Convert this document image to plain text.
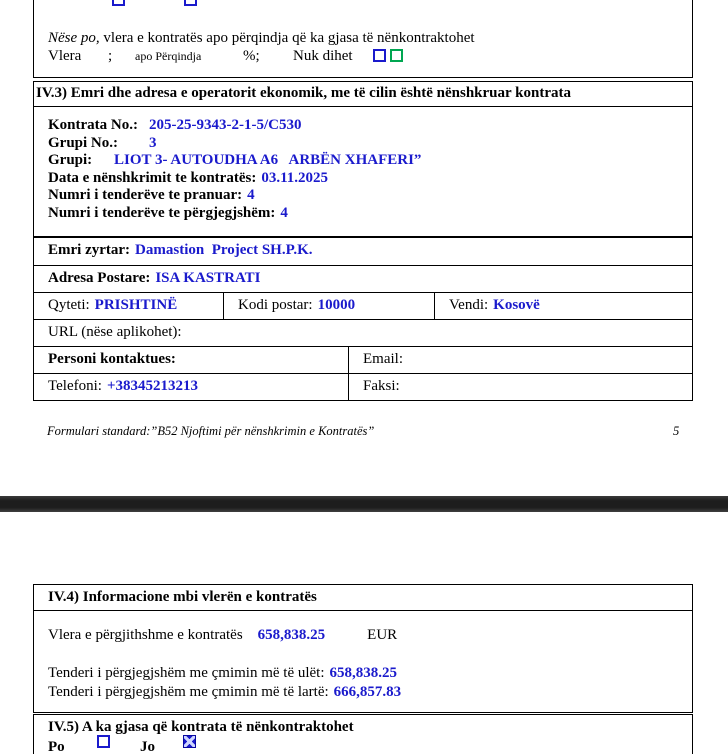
Nëse po, vlera e kontratës apo përqindja që ka gjasa të nënkontraktohet
Vlera ; apo Përqindja	%; Nuk dihet
IV.3) Emri dhe adresa e operatorit ekonomik, me të cilin është nënshkruar kontrata
Kontrata No.: 205-25-9343-2-1-5/C530
Grupi No.: 3
Grupi: LIOT 3- AUTOUDHA A6   ARBËN XHAFERI”
Data e nënshkrimit te kontratës: 03.11.2025
Numri i tenderëve te pranuar: 4
Numri i tenderëve te përgjegjshëm: 4
Emri zyrtar: Damastion  Project SH.P.K.
Adresa Postare: ISA KASTRATI
Qyteti: PRISHTINË	Kodi postar: 10000	Vendi: Kosovë
URL (nëse aplikohet):
Personi kontaktues:	Email:
Telefoni: +38345213213	Faksi:
Formulari standard:”B52 Njoftimi për nënshkrimin e Kontratës”	5
IV.4) Informacione mbi vlerën e kontratës
Vlera e përgjithshme e kontratës 658,838.25	EUR
Tenderi i përgjegjshëm me çmimin më të ulët: 658,838.25
Tenderi i përgjegjshëm me çmimin më të lartë: 666,857.83
IV.5) A ka gjasa që kontrata të nënkontraktohet
Po	Jo
